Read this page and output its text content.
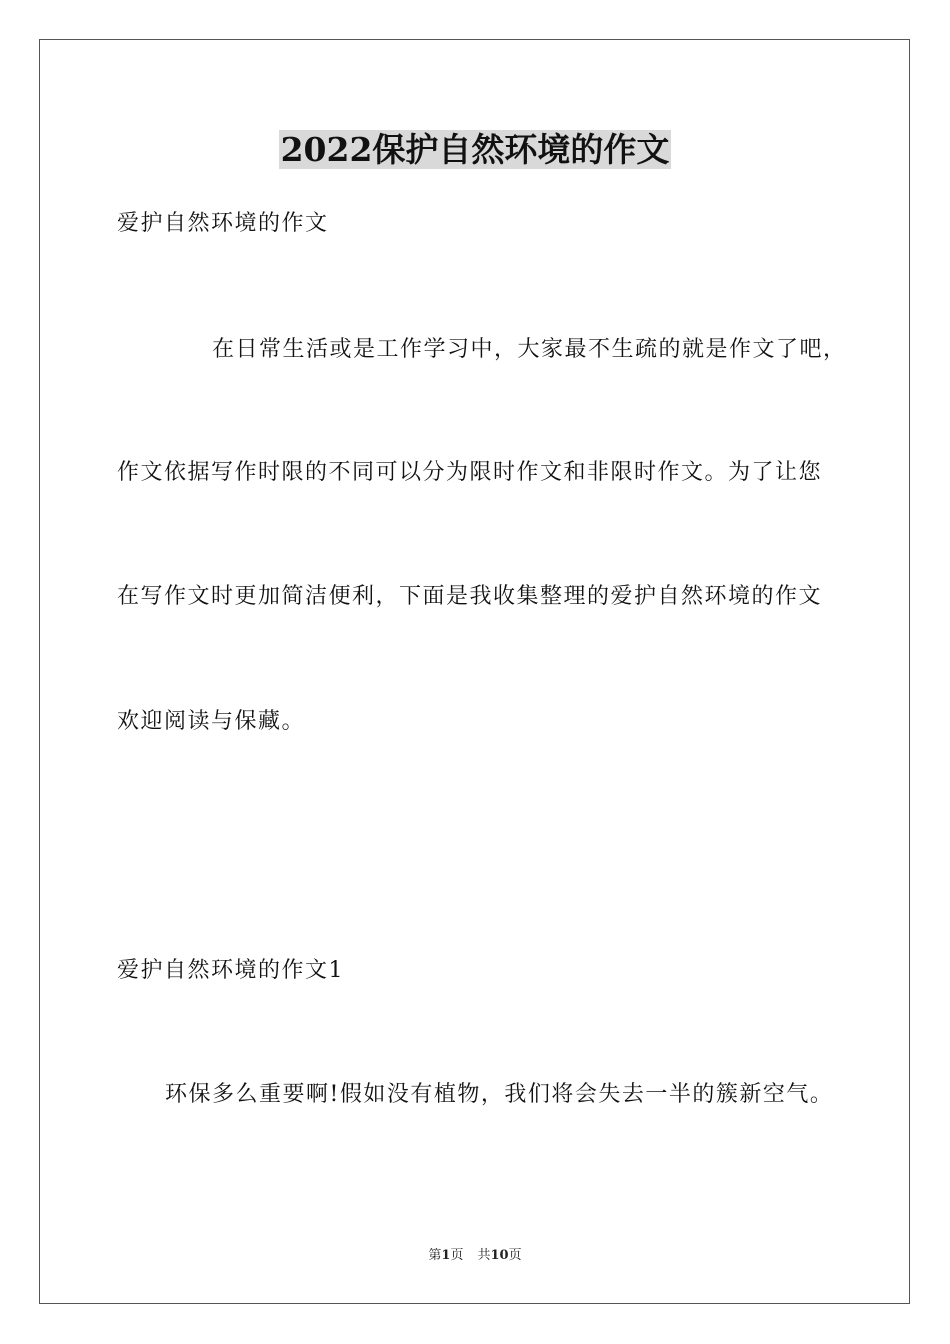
2022保护自然环境的作文

爱护自然环境的作文

在日常生活或是工作学习中，大家最不生疏的就是作文了吧，

作文依据写作时限的不同可以分为限时作文和非限时作文。为了让您

在写作文时更加简洁便利，下面是我收集整理的爱护自然环境的作文

欢迎阅读与保藏。

爱护自然环境的作文1

环保多么重要啊!假如没有植物，我们将会失去一半的簇新空气。

第1页 共10页
